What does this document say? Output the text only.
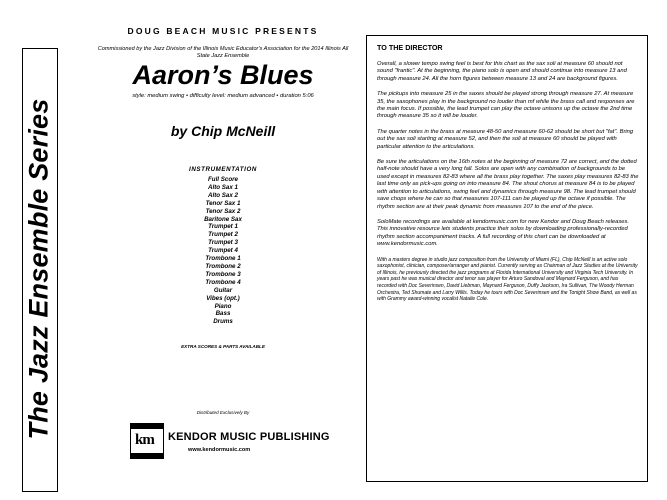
The Jazz Ensemble Series
DOUG BEACH MUSIC PRESENTS
Commissioned by the Jazz Division of the Illinois Music Educator's Association for the 2014 Illinois All State Jazz Ensemble
Aaron’s Blues
style: medium swing • difficulty level: medium advanced • duration 5:06
by Chip McNeill
INSTRUMENTATION
Full Score
Alto Sax 1
Alto Sax 2
Tenor Sax 1
Tenor Sax 2
Baritone Sax
Trumpet 1
Trumpet 2
Trumpet 3
Trumpet 4
Trombone 1
Trombone 2
Trombone 3
Trombone 4
Guitar
Vibes (opt.)
Piano
Bass
Drums
EXTRA SCORES & PARTS AVAILABLE
Distributed Exclusively By
km KENDOR MUSIC PUBLISHING
www.kendormusic.com
TO THE DIRECTOR

Overall, a slower tempo swing feel is best for this chart as the sax soli at measure 60 should not sound "frantic". At the beginning, the piano solo is open and should continue into measure 13 and through measure 24. All the horn figures between measure 13 and 24 are background figures.

The pickups into measure 25 in the saxes should be played strong through measure 27. At measure 35, the saxophones play in the background no louder than mf while the brass call and responses are the main focus. If possible, the lead trumpet can play the octave unisons up the octave the 2nd time through measure 35 so it will be louder.

The quarter notes in the brass at measure 48-50 and measure 60-62 should be short but "fat". Bring out the sax soli starting at measure 52, and then the soli at measure 60 should be played with particular attention to the articulations.

Be sure the articulations on the 16th notes at the beginning of measure 72 are correct, and the dotted half-note should have a very long fall. Solos are open with any combination of backgrounds to be used except in measures 82-83 where all the brass play together. The saxes play measures 82-83 the last time only as pick-ups going on into measure 84. The shout chorus at measure 84 is to be played with attention to articulations, swing feel and dynamics through measure 98. The lead trumpet should save chops where he can so that measures 107-111 can be played up the octave if possible. The rhythm section are at their peak dynamic from measures 107 to the end of the piece.

SoloMate recordings are available at kendormusic.com for new Kendor and Doug Beach releases. This innovative resource lets students practice their solos by downloading professionally-recorded rhythm section accompaniment tracks. A full recording of this chart can be downloaded at www.kendormusic.com.

With a masters degree in studio jazz composition from the University of Miami (FL), Chip McNeill is an active solo saxophonist, clinician, composer/arranger and pianist. Currently serving as Chairman of Jazz Studies at the University of Illinois, he previously directed the jazz programs at Florida International University and Virginia Tech University. In years past he was musical director and tenor sax player for Arturo Sandoval and Maynard Ferguson, and has recorded with Doc Severinsen, David Liebman, Maynard Ferguson, Duffy Jackson, Ira Sullivan, The Woody Herman Orchestra, Ted Shumate and Larry Willis. Today he tours with Doc Severinsen and the Tonight Show Band, as well as with Grammy award-winning vocalist Natalie Cole.
